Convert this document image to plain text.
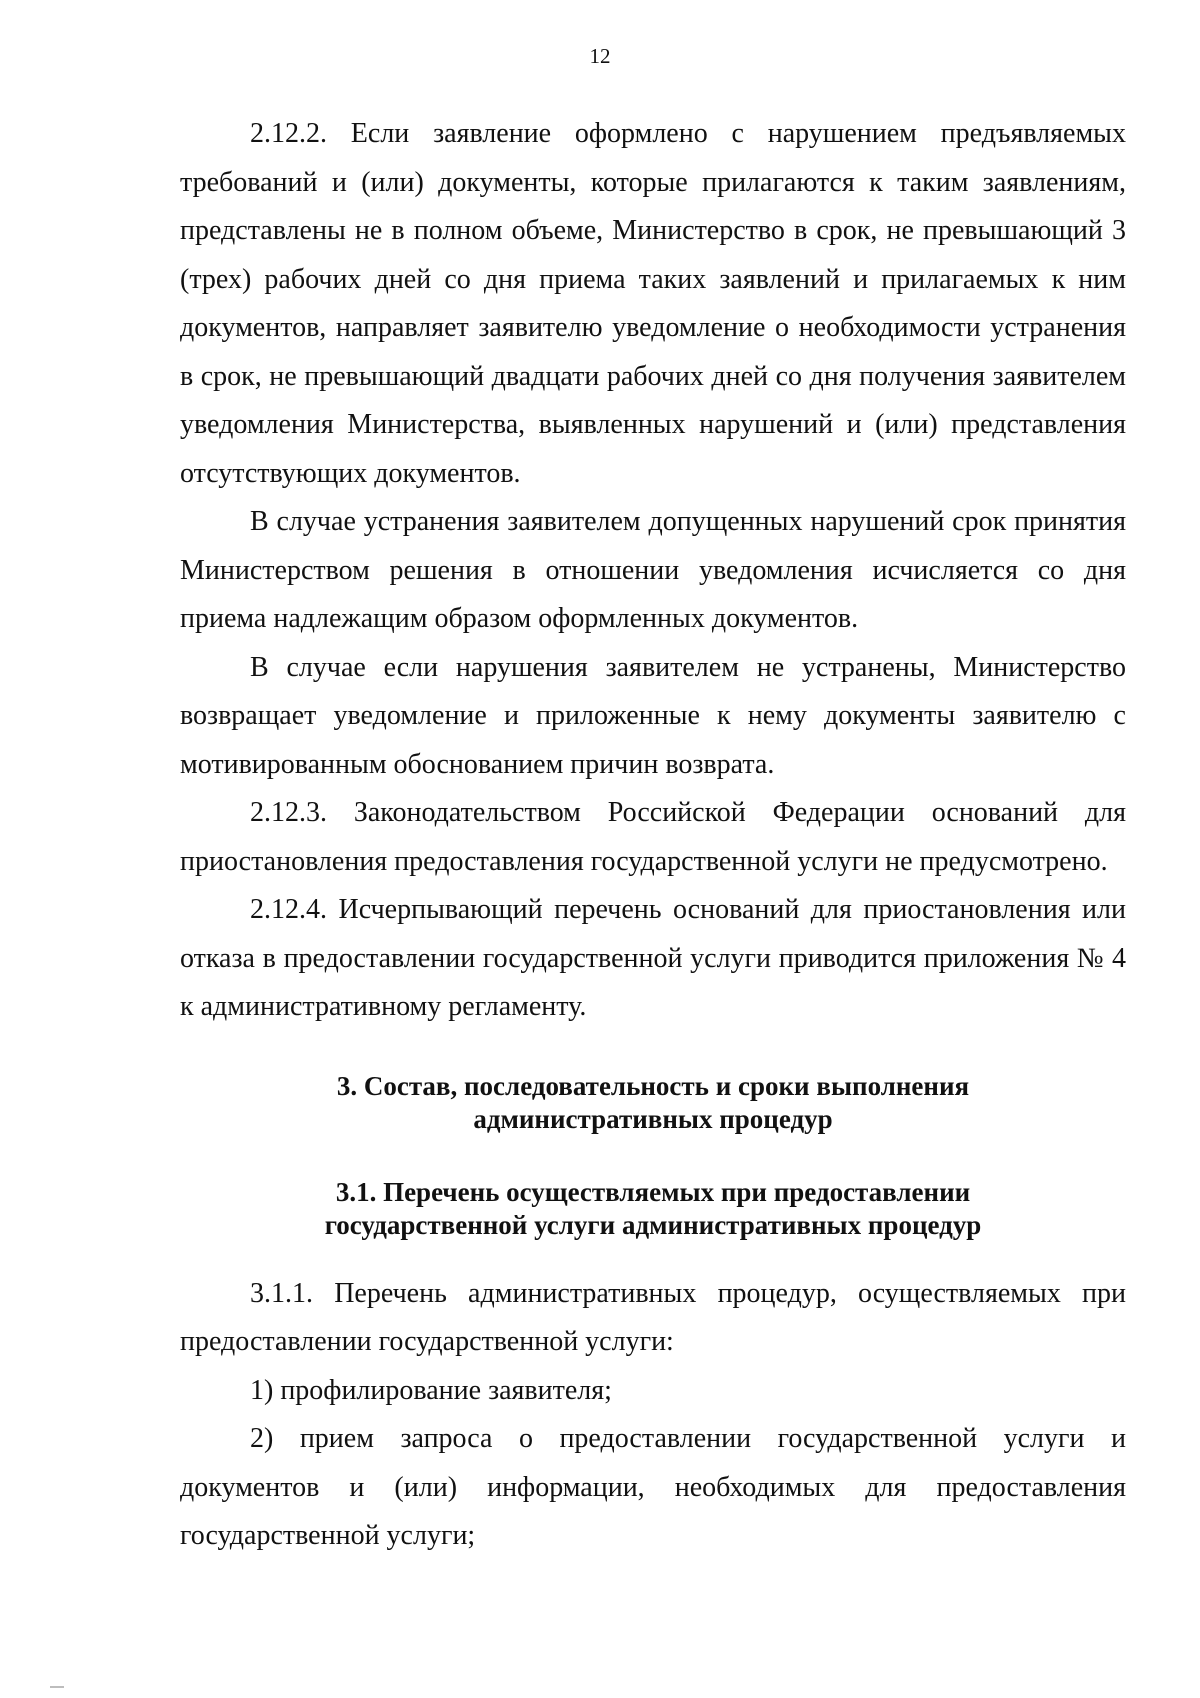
12

2.12.2. Если заявление оформлено с нарушением предъявляемых требований и (или) документы, которые прилагаются к таким заявлениям, представлены не в полном объеме, Министерство в срок, не превышающий 3 (трех) рабочих дней со дня приема таких заявлений и прилагаемых к ним документов, направляет заявителю уведомление о необходимости устранения в срок, не превышающий двадцати рабочих дней со дня получения заявителем уведомления Министерства, выявленных нарушений и (или) представления отсутствующих документов.

В случае устранения заявителем допущенных нарушений срок принятия Министерством решения в отношении уведомления исчисляется со дня приема надлежащим образом оформленных документов.

В случае если нарушения заявителем не устранены, Министерство возвращает уведомление и приложенные к нему документы заявителю с мотивированным обоснованием причин возврата.

2.12.3. Законодательством Российской Федерации оснований для приостановления предоставления государственной услуги не предусмотрено.

2.12.4. Исчерпывающий перечень оснований для приостановления или отказа в предоставлении государственной услуги приводится приложения № 4 к административному регламенту.

3. Состав, последовательность и сроки выполнения
административных процедур
3.1. Перечень осуществляемых при предоставлении
государственной услуги административных процедур

3.1.1. Перечень административных процедур, осуществляемых при предоставлении государственной услуги:

1) профилирование заявителя;

2) прием запроса о предоставлении государственной услуги и документов и (или) информации, необходимых для предоставления государственной услуги;
